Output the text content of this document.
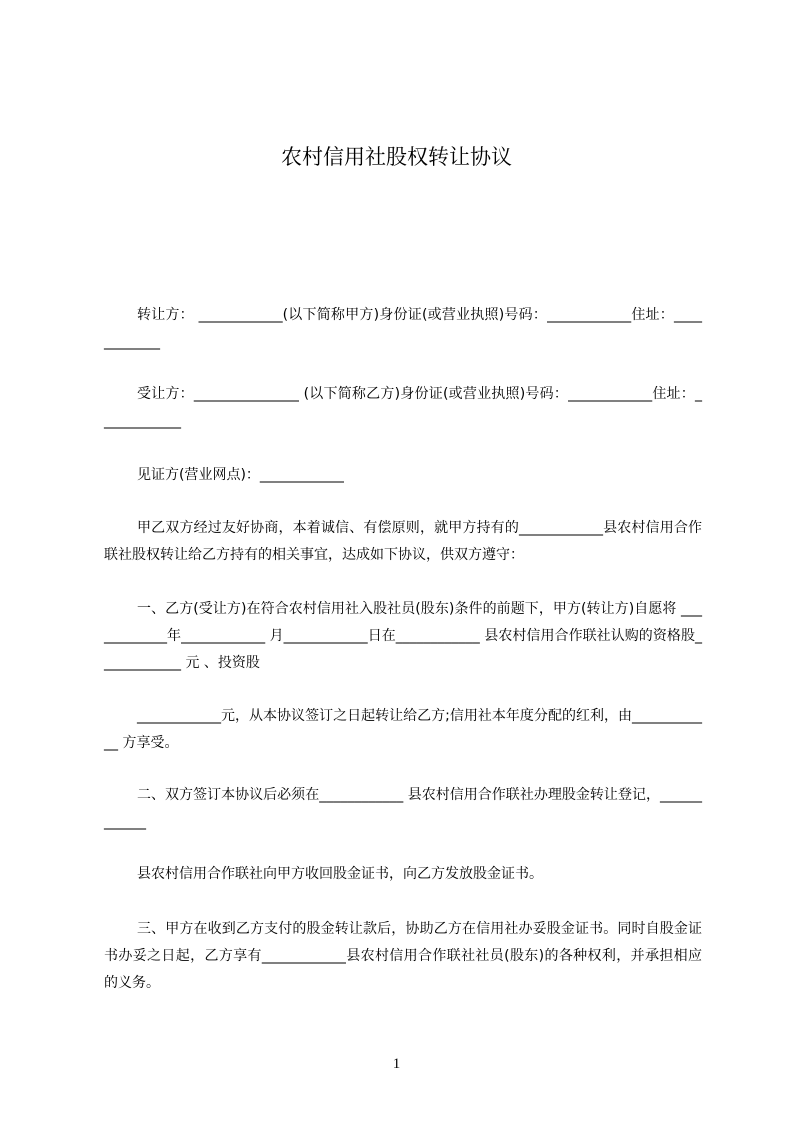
农村信用社股权转让协议

转让方： ____________(以下简称甲方)身份证(或营业执照)号码：____________住址：____________

受让方：_______________ (以下简称乙方)身份证(或营业执照)号码：____________住址：____________

见证方(营业网点)：____________

甲乙双方经过友好协商，本着诚信、有偿原则，就甲方持有的____________县农村信用合作联社股权转让给乙方持有的相关事宜，达成如下协议，供双方遵守：

一、乙方(受让方)在符合农村信用社入股社员(股东)条件的前题下，甲方(转让方)自愿将 ____________年____________ 月____________日在____________ 县农村信用合作联社认购的资格股____________ 元 、投资股

____________元，从本协议签订之日起转让给乙方;信用社本年度分配的红利，由____________ 方享受。

二、双方签订本协议后必须在____________ 县农村信用合作联社办理股金转让登记，____________

县农村信用合作联社向甲方收回股金证书，向乙方发放股金证书。

三、甲方在收到乙方支付的股金转让款后，协助乙方在信用社办妥股金证书。同时自股金证书办妥之日起，乙方享有____________县农村信用合作联社社员(股东)的各种权利，并承担相应的义务。

1
